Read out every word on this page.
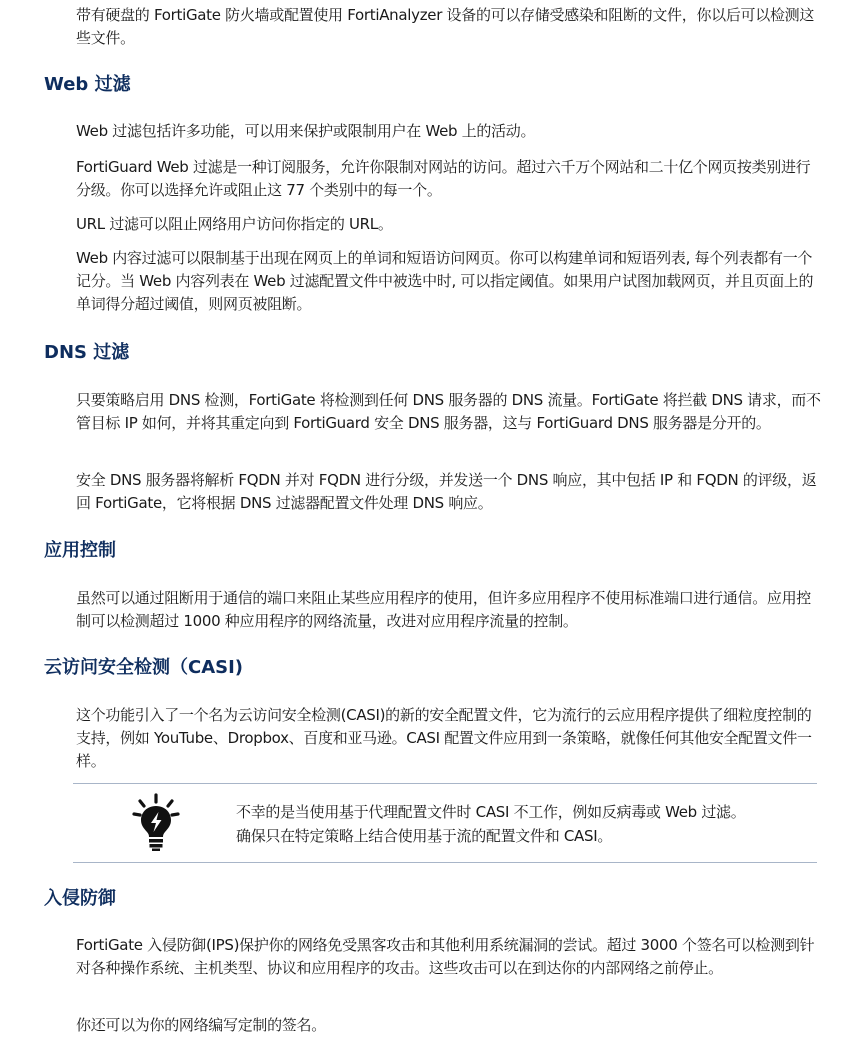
带有硬盘的 FortiGate 防火墙或配置使用 FortiAnalyzer 设备的可以存储受感染和阻断的文件，你以后可以检测这些文件。

Web 过滤

Web 过滤包括许多功能，可以用来保护或限制用户在 Web 上的活动。

FortiGuard Web 过滤是一种订阅服务，允许你限制对网站的访问。超过六千万个网站和二十亿个网页按类别进行分级。你可以选择允许或阻止这 77 个类别中的每一个。

URL 过滤可以阻止网络用户访问你指定的 URL。

Web 内容过滤可以限制基于出现在网页上的单词和短语访问网页。你可以构建单词和短语列表, 每个列表都有一个记分。当 Web 内容列表在 Web 过滤配置文件中被选中时, 可以指定阈值。如果用户试图加载网页，并且页面上的单词得分超过阈值，则网页被阻断。

DNS 过滤

只要策略启用 DNS 检测，FortiGate 将检测到任何 DNS 服务器的 DNS 流量。FortiGate 将拦截 DNS 请求，而不管目标 IP 如何，并将其重定向到 FortiGuard 安全 DNS 服务器，这与 FortiGuard DNS 服务器是分开的。

安全 DNS 服务器将解析 FQDN 并对 FQDN 进行分级，并发送一个 DNS 响应，其中包括 IP 和 FQDN 的评级，返回 FortiGate，它将根据 DNS 过滤器配置文件处理 DNS 响应。

应用控制

虽然可以通过阻断用于通信的端口来阻止某些应用程序的使用，但许多应用程序不使用标准端口进行通信。应用控制可以检测超过 1000 种应用程序的网络流量，改进对应用程序流量的控制。

云访问安全检测（CASI)

这个功能引入了一个名为云访问安全检测(CASI)的新的安全配置文件，它为流行的云应用程序提供了细粒度控制的支持，例如 YouTube、Dropbox、百度和亚马逊。CASI 配置文件应用到一条策略，就像任何其他安全配置文件一样。

不幸的是当使用基于代理配置文件时 CASI 不工作，例如反病毒或 Web 过滤。
确保只在特定策略上结合使用基于流的配置文件和 CASI。
入侵防御

FortiGate 入侵防御(IPS)保护你的网络免受黑客攻击和其他利用系统漏洞的尝试。超过 3000 个签名可以检测到针对各种操作系统、主机类型、协议和应用程序的攻击。这些攻击可以在到达你的内部网络之前停止。

你还可以为你的网络编写定制的签名。
